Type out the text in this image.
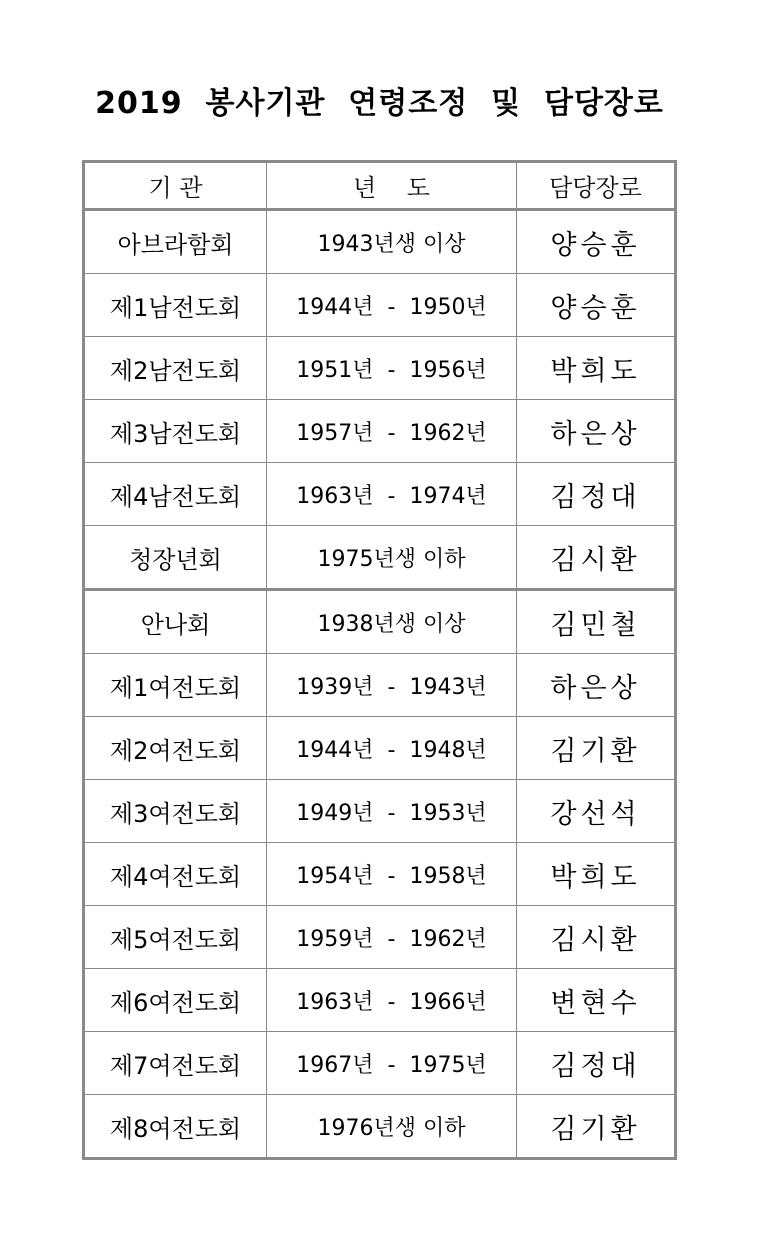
2019  봉사기관  연령조정  및  담당장로
기 관	년    도	담당장로
아브라함회	1943년생 이상	양승훈
제1남전도회	1944년  -  1950년	양승훈
제2남전도회	1951년  -  1956년	박희도
제3남전도회	1957년  -  1962년	하은상
제4남전도회	1963년  -  1974년	김정대
청장년회	1975년생 이하	김시환
안나회	1938년생 이상	김민철
제1여전도회	1939년  -  1943년	하은상
제2여전도회	1944년  -  1948년	김기환
제3여전도회	1949년  -  1953년	강선석
제4여전도회	1954년  -  1958년	박희도
제5여전도회	1959년  -  1962년	김시환
제6여전도회	1963년  -  1966년	변현수
제7여전도회	1967년  -  1975년	김정대
제8여전도회	1976년생 이하	김기환
